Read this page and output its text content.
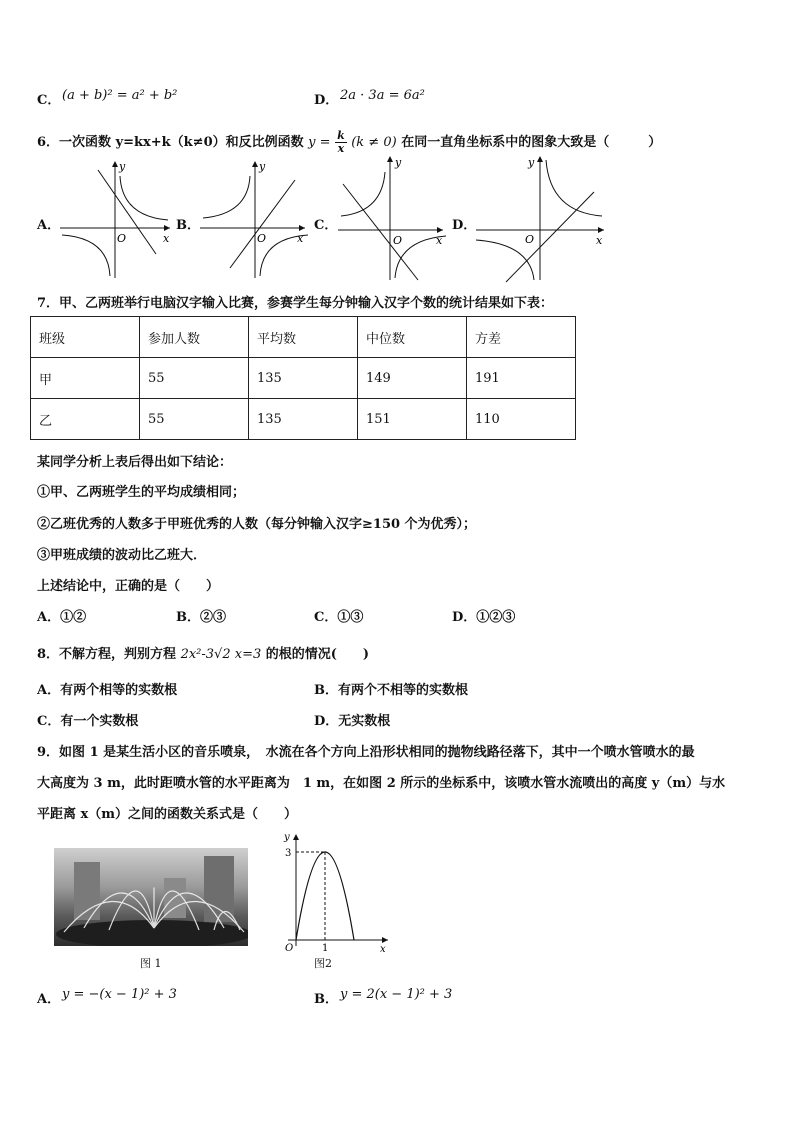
C． (a + b)² = a² + b²	D． 2a · 3a = 6a²
6．一次函数 y=kx+k（k≠0）和反比例函数 $y = \frac{k}{x} (k \ne 0)$ 在同一直角坐标系中的图象大致是（　　　）
A．	B．	C．	D．
y
x
O
y
x
O
y
x
O
y
x
O
7．甲、乙两班举行电脑汉字输入比赛，参赛学生每分钟输入汉字个数的统计结果如下表：
班级	参加人数	平均数	中位数	方差
甲	55	135	149	191
乙	55	135	151	110
某同学分析上表后得出如下结论：
①甲、乙两班学生的平均成绩相同；
②乙班优秀的人数多于甲班优秀的人数（每分钟输入汉字≥150 个为优秀）；
③甲班成绩的波动比乙班大．
上述结论中，正确的是（　　）
A．①②	B．②③	C．①③	D．①②③
8．不解方程，判别方程 2x²-3√2 x=3 的根的情况(　　)
A．有两个相等的实数根	B．有两个不相等的实数根
C．有一个实数根	D．无实数根
9．如图 1 是某生活小区的音乐喷泉，　水流在各个方向上沿形状相同的抛物线路径落下，其中一个喷水管喷水的最
大高度为 3 m，此时距喷水管的水平距离为　1 m，在如图 2 所示的坐标系中，该喷水管水流喷出的高度 y（m）与水
平距离 x（m）之间的函数关系式是（　　）
图 1
y
x
O
3
1
图2
A． y = −(x − 1)² + 3	B． y = 2(x − 1)² + 3
